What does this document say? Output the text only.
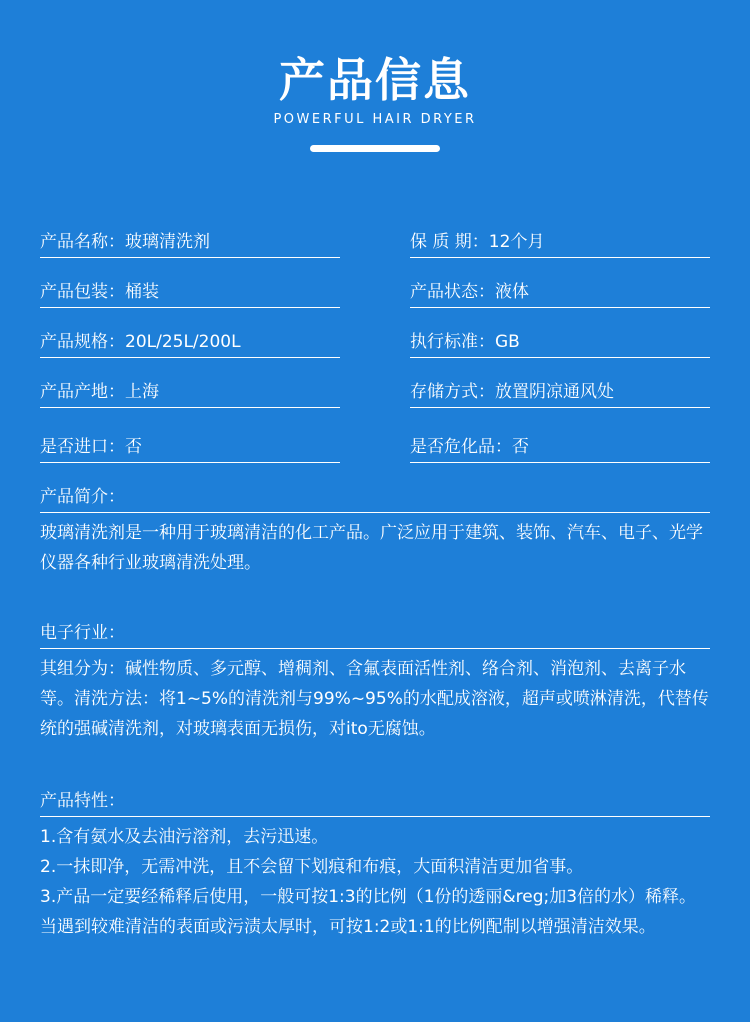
产品信息
POWERFUL HAIR DRYER
产品名称：玻璃清洗剂	保 质 期：12个月
产品包装：桶装	产品状态：液体
产品规格：20L/25L/200L	执行标准：GB
产品产地：上海	存储方式：放置阴凉通风处
是否进口：否	是否危化品：否
产品简介：
玻璃清洗剂是一种用于玻璃清洁的化工产品。广泛应用于建筑、装饰、汽车、电子、光学仪器各种行业玻璃清洗处理。
电子行业：
其组分为：碱性物质、多元醇、增稠剂、含氟表面活性剂、络合剂、消泡剂、去离子水等。清洗方法：将1~5%的清洗剂与99%~95%的水配成溶液，超声或喷淋清洗，代替传统的强碱清洗剂，对玻璃表面无损伤，对ito无腐蚀。
产品特性：

1.含有氨水及去油污溶剂，去污迅速。

2.一抹即净，无需冲洗，且不会留下划痕和布痕，大面积清洁更加省事。

3.产品一定要经稀释后使用，一般可按1:3的比例（1份的透丽&reg;加3倍的水）稀释。当遇到较难清洁的表面或污渍太厚时，可按1:2或1:1的比例配制以增强清洁效果。
